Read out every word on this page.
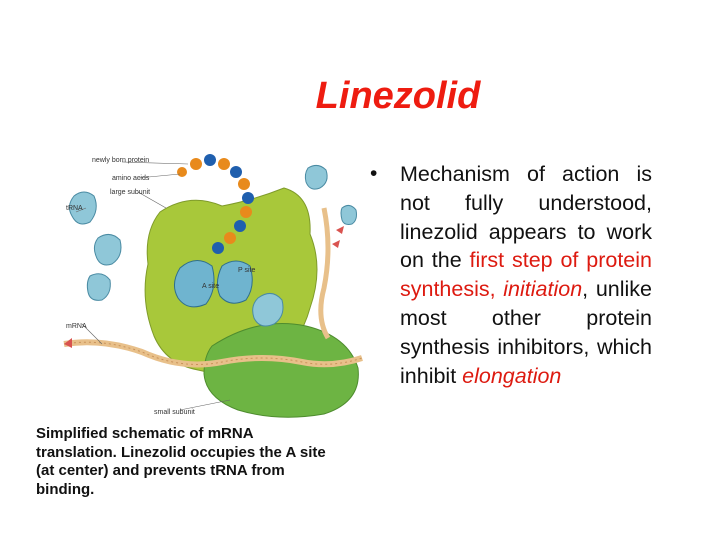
Linezolid
newly born protein
amino acids
large subunit
tRNA
P site
A site
mRNA
small subunit
Simplified schematic of mRNA translation. Linezolid occupies the A site (at center) and prevents tRNA from binding.
• Mechanism of action is not fully understood, linezolid appears to work on the first step of protein synthesis, initiation, unlike most other protein synthesis inhibitors, which inhibit elongation
